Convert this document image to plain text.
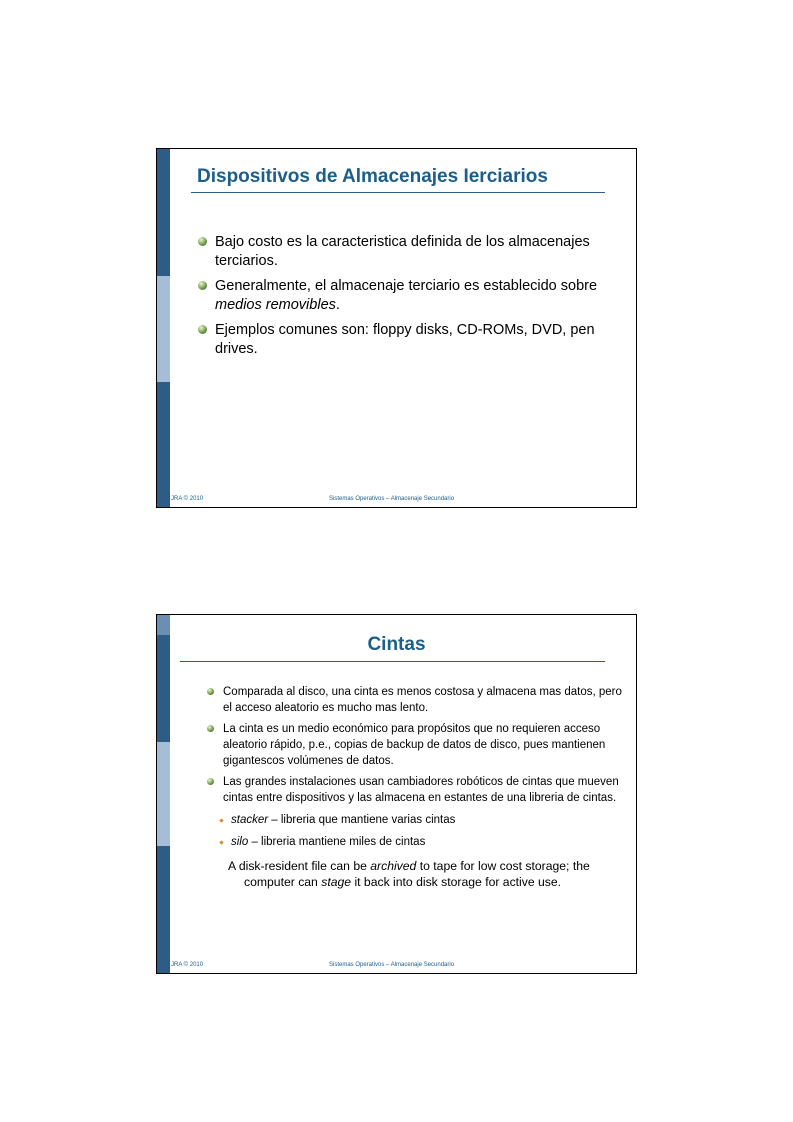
Dispositivos de Almacenajes Ierciarios
Bajo costo es la caracteristica definida de los almacenajes terciarios.
Generalmente, el almacenaje terciario es establecido sobre medios removibles.
Ejemplos comunes son: floppy disks, CD-ROMs, DVD, pen drives.
JRA © 2010	Sistemas Operativos – Almacenaje Secundario
Cintas
Comparada al disco, una cinta es menos costosa y almacena mas datos, pero el acceso aleatorio es mucho mas lento.
La cinta es un medio económico para propósitos que no requieren acceso aleatorio rápido, p.e., copias de backup de datos de disco, pues mantienen gigantescos volúmenes de datos.
Las grandes instalaciones usan cambiadores robóticos de cintas que mueven cintas entre dispositivos y las almacena en estantes de una libreria de cintas.
stacker – libreria que mantiene varias cintas
silo – libreria mantiene miles de cintas
A disk-resident file can be archived to tape for low cost storage; the computer can stage it back into disk storage for active use.
JRA © 2010	Sistemas Operativos – Almacenaje Secundario
